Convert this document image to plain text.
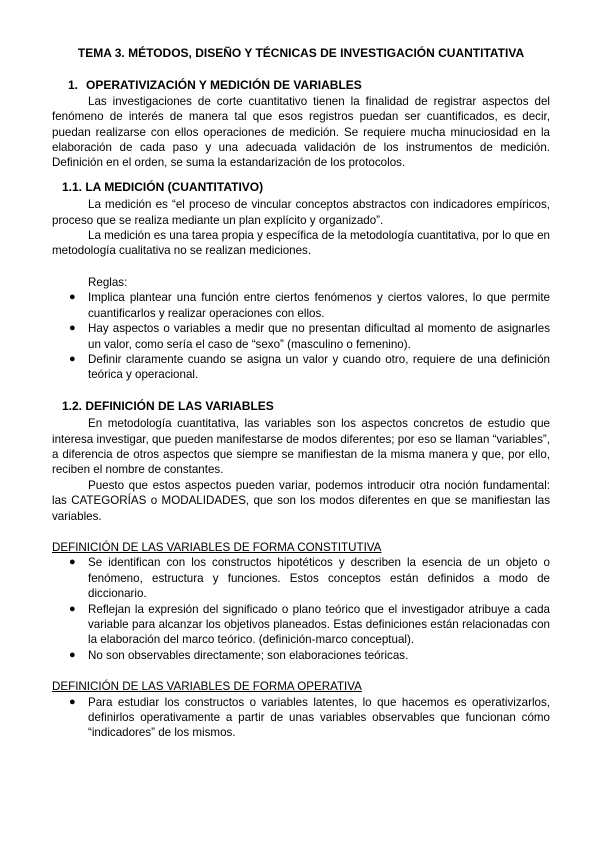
TEMA 3. MÉTODOS, DISEÑO Y TÉCNICAS DE INVESTIGACIÓN CUANTITATIVA
1. OPERATIVIZACIÓN Y MEDICIÓN DE VARIABLES

Las investigaciones de corte cuantitativo tienen la finalidad de registrar aspectos del fenómeno de interés de manera tal que esos registros puedan ser cuantificados, es decir, puedan realizarse con ellos operaciones de medición. Se requiere mucha minuciosidad en la elaboración de cada paso y una adecuada validación de los instrumentos de medición. Definición en el orden, se suma la estandarización de los protocolos.

1.1. LA MEDICIÓN (CUANTITATIVO)

La medición es “el proceso de vincular conceptos abstractos con indicadores empíricos, proceso que se realiza mediante un plan explícito y organizado”.

La medición es una tarea propia y específica de la metodología cuantitativa, por lo que en metodología cualitativa no se realizan mediciones.

Reglas:
● Implica plantear una función entre ciertos fenómenos y ciertos valores, lo que permite cuantificarlos y realizar operaciones con ellos.
● Hay aspectos o variables a medir que no presentan dificultad al momento de asignarles un valor, como sería el caso de “sexo” (masculino o femenino).
● Definir claramente cuando se asigna un valor y cuando otro, requiere de una definición teórica y operacional.
1.2. DEFINICIÓN DE LAS VARIABLES

En metodología cuantitativa, las variables son los aspectos concretos de estudio que interesa investigar, que pueden manifestarse de modos diferentes; por eso se llaman “variables”, a diferencia de otros aspectos que siempre se manifiestan de la misma manera y que, por ello, reciben el nombre de constantes.

Puesto que estos aspectos pueden variar, podemos introducir otra noción fundamental: las CATEGORÍAS o MODALIDADES, que son los modos diferentes en que se manifiestan las variables.

DEFINICIÓN DE LAS VARIABLES DE FORMA CONSTITUTIVA
● Se identifican con los constructos hipotéticos y describen la esencia de un objeto o fenómeno, estructura y funciones. Estos conceptos están definidos a modo de diccionario.
● Reflejan la expresión del significado o plano teórico que el investigador atribuye a cada variable para alcanzar los objetivos planeados. Estas definiciones están relacionadas con la elaboración del marco teórico. (definición-marco conceptual).
● No son observables directamente; son elaboraciones teóricas.
DEFINICIÓN DE LAS VARIABLES DE FORMA OPERATIVA
● Para estudiar los constructos o variables latentes, lo que hacemos es operativizarlos, definirlos operativamente a partir de unas variables observables que funcionan cómo “indicadores” de los mismos.
